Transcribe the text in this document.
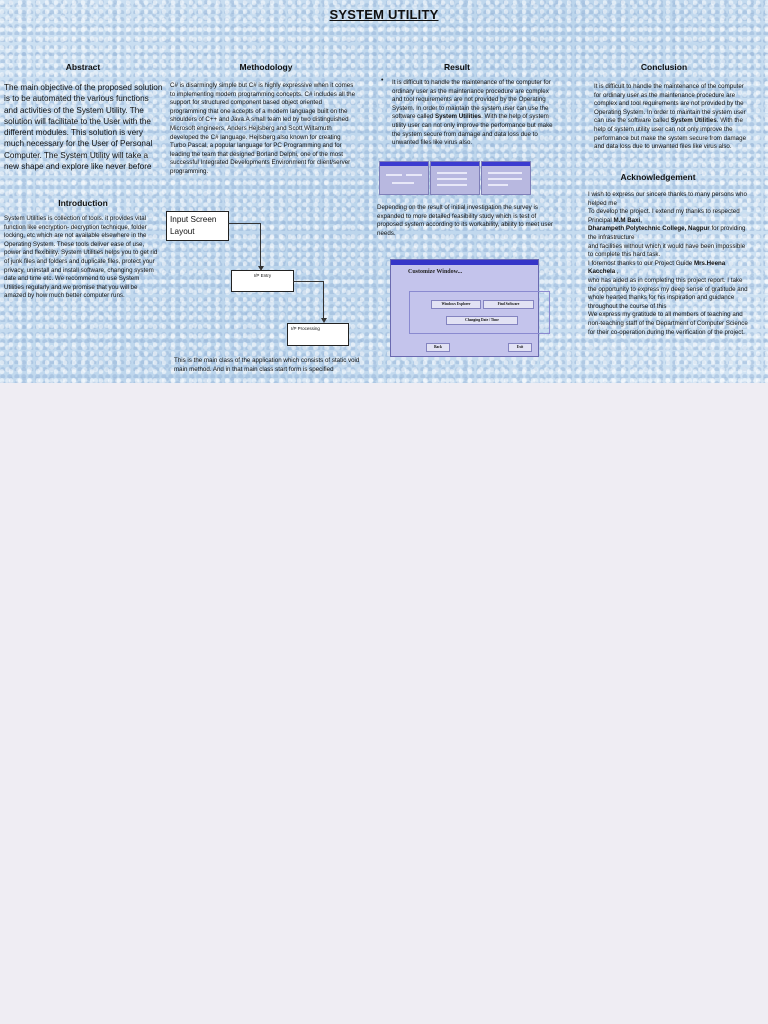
SYSTEM UTILITY
Abstract
The main objective of the proposed solution is to be automated the various functions and activities of the System Utility. The solution will facilitate to the User with the different modules. This solution is very much necessary for the User of Personal Computer. The System Utility will take a new shape and explore like never before
Introduction
System Utilities is collection of tools. it provides vital function like encryption- decryption technique, folder locking, etc which are not available elsewhere in the Operating System. These tools deliver ease of use, power and flexibility. System Utilities helps you to get rid of junk files and folders and duplicate files, protect your privacy, uninstall and install software, changing system date and time etc. We recommend to use System Utilities regularly and we promise that you will be amazed by how much better computer runs.
Methodology
C# is disarmingly simple but C# is highly expressive when it comes to implementing modern programming concepts. C# includes all the support for structured component based object oriented programming that one accepts of a modern language built on the shoulders of C++ and Java.A small team led by two distinguished Microsoft engineers, Anders Hejlsberg and Scott Wiltamuth developed the C# language. Hejlsberg also known for creating Turbo Pascal, a popular language for PC Programming and for leading the team that designed Borland Delphi, one of the most successful Integrated Developments Environment for client/server programming.
Input Screen Layout
I/P Entry
I/P Processing
This is the main class of the application which consists of static void main method. And in that main class start form is specified
Result
• It is difficult to handle the maintenance of the computer for ordinary user as the maintenance procedure are complex and tool requirements are not provided by the Operating System. In order to maintain the system user can use the software called System Utilities. With the help of system utility user can not only improve the performance but make the system secure from damage and data loss due to unwanted files like virus also.
Depending on the result of initial investigation the survey is expanded to more detailed feasibility study which is test of proposed system according to its workability, ability to meet user needs.
Customize Window...
Windows Explorer	Find Software
Changing Date / Time
Back	Exit
Conclusion
It is difficult to handle the maintenance of the computer for ordinary user as the maintenance procedure are complex and tool requirements are not provided by the Operating System. In order to maintain the system user can use the software called System Utilities. With the help of system utility user can not only improve the performance but make the system secure from damage and data loss due to unwanted files like virus also.
Acknowledgement
I wish to express our sincere thanks to many persons who helped me
To develop the project. I extend my thanks to respected Principal M.M Baxi,
Dharampeth Polytechnic College, Nagpur for providing the infrastructure
and facilities without which it would have been impossible to complete this hard task.
I foremost thanks to our Project Guide Mrs.Heena Kacchela ,
who has aided as in completing this project report. I take the opportunity to express my deep sense of gratitude and whole hearted thanks for his inspiration and guidance throughout the course of this
We express my gratitude to all members of teaching and non-teaching staff of the Department of Computer Science for their co-operation during the verification of the project.
